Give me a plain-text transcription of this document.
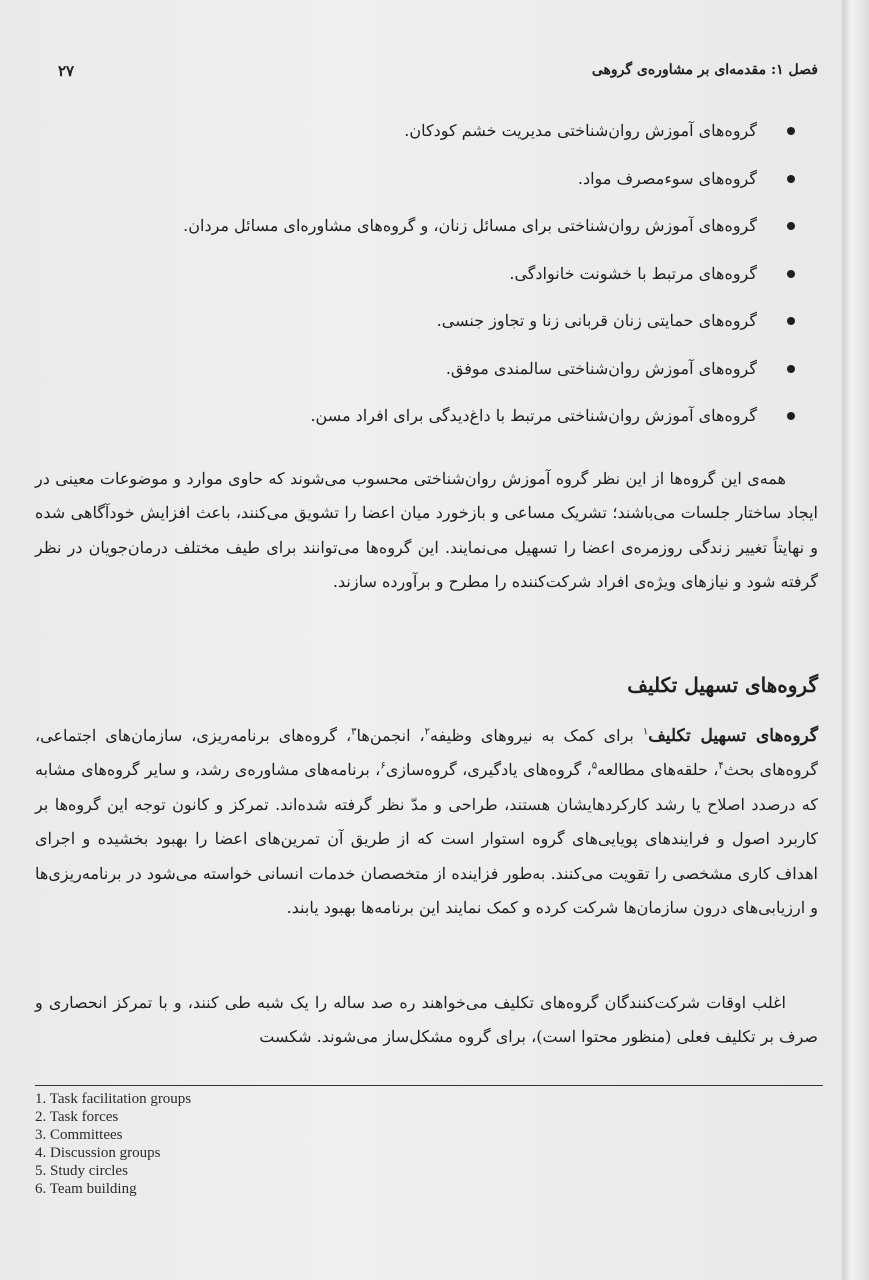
فصل ۱: مقدمه‌ای بر مشاوره‌ی گروهی
۲۷
گروه‌های آموزش روان‌شناختی مدیریت خشم کودکان.
گروه‌های سوء‌مصرف مواد.
گروه‌های آموزش روان‌شناختی برای مسائل زنان، و گروه‌های مشاوره‌ای مسائل مردان.
گروه‌های مرتبط با خشونت خانوادگی.
گروه‌های حمایتی زنان قربانی زنا و تجاوز جنسی.
گروه‌های آموزش روان‌شناختی سالمندی موفق.
گروه‌های آموزش روان‌شناختی مرتبط با داغ‌دیدگی برای افراد مسن.

همه‌ی این گروه‌ها از این نظر گروه آموزش روان‌شناختی محسوب می‌شوند که حاوی موارد و موضوعات معینی در ایجاد ساختار جلسات می‌باشند؛ تشریک مساعی و بازخورد میان اعضا را تشویق می‌کنند، باعث افزایش خودآگاهی شده و نهایتاً تغییر زندگی روزمره‌ی اعضا را تسهیل می‌نمایند. این گروه‌ها می‌توانند برای طیف مختلف درمان‌جویان در نظر گرفته شود و نیازهای ویژه‌ی افراد شرکت‌کننده را مطرح و برآورده سازند.

گروه‌های تسهیل تکلیف

گروه‌های تسهیل تکلیف$^۱$ برای کمک به نیروهای وظیفه$^۲$، انجمن‌ها$^۳$، گروه‌های برنامه‌ریزی، سازمان‌های اجتماعی، گروه‌های بحث$^۴$، حلقه‌های مطالعه$^۵$، گروه‌های یادگیری، گروه‌سازی$^۶$، برنامه‌های مشاوره‌ی رشد، و سایر گروه‌های مشابه که درصدد اصلاح یا رشد کارکردهایشان هستند، طراحی و مدّ نظر گرفته شده‌اند. تمرکز و کانون توجه این گروه‌ها بر کاربرد اصول و فرایندهای پویایی‌های گروه استوار است که از طریق آن تمرین‌های اعضا را بهبود بخشیده و اجرای اهداف کاری مشخصی را تقویت می‌کنند. به‌طور فزاینده از متخصصان خدمات انسانی خواسته می‌شود در برنامه‌ریزی‌ها و ارزیابی‌های درون سازمان‌ها شرکت کرده و کمک نمایند این برنامه‌ها بهبود یابند.

اغلب اوقات شرکت‌کنندگان گروه‌های تکلیف می‌خواهند ره صد ساله را یک شبه طی کنند، و با تمرکز انحصاری و صرف بر تکلیف فعلی (منظور محتوا است)، برای گروه مشکل‌ساز می‌شوند. شکست

1. Task facilitation groups
2. Task forces
3. Committees
4. Discussion groups
5. Study circles
6. Team building
